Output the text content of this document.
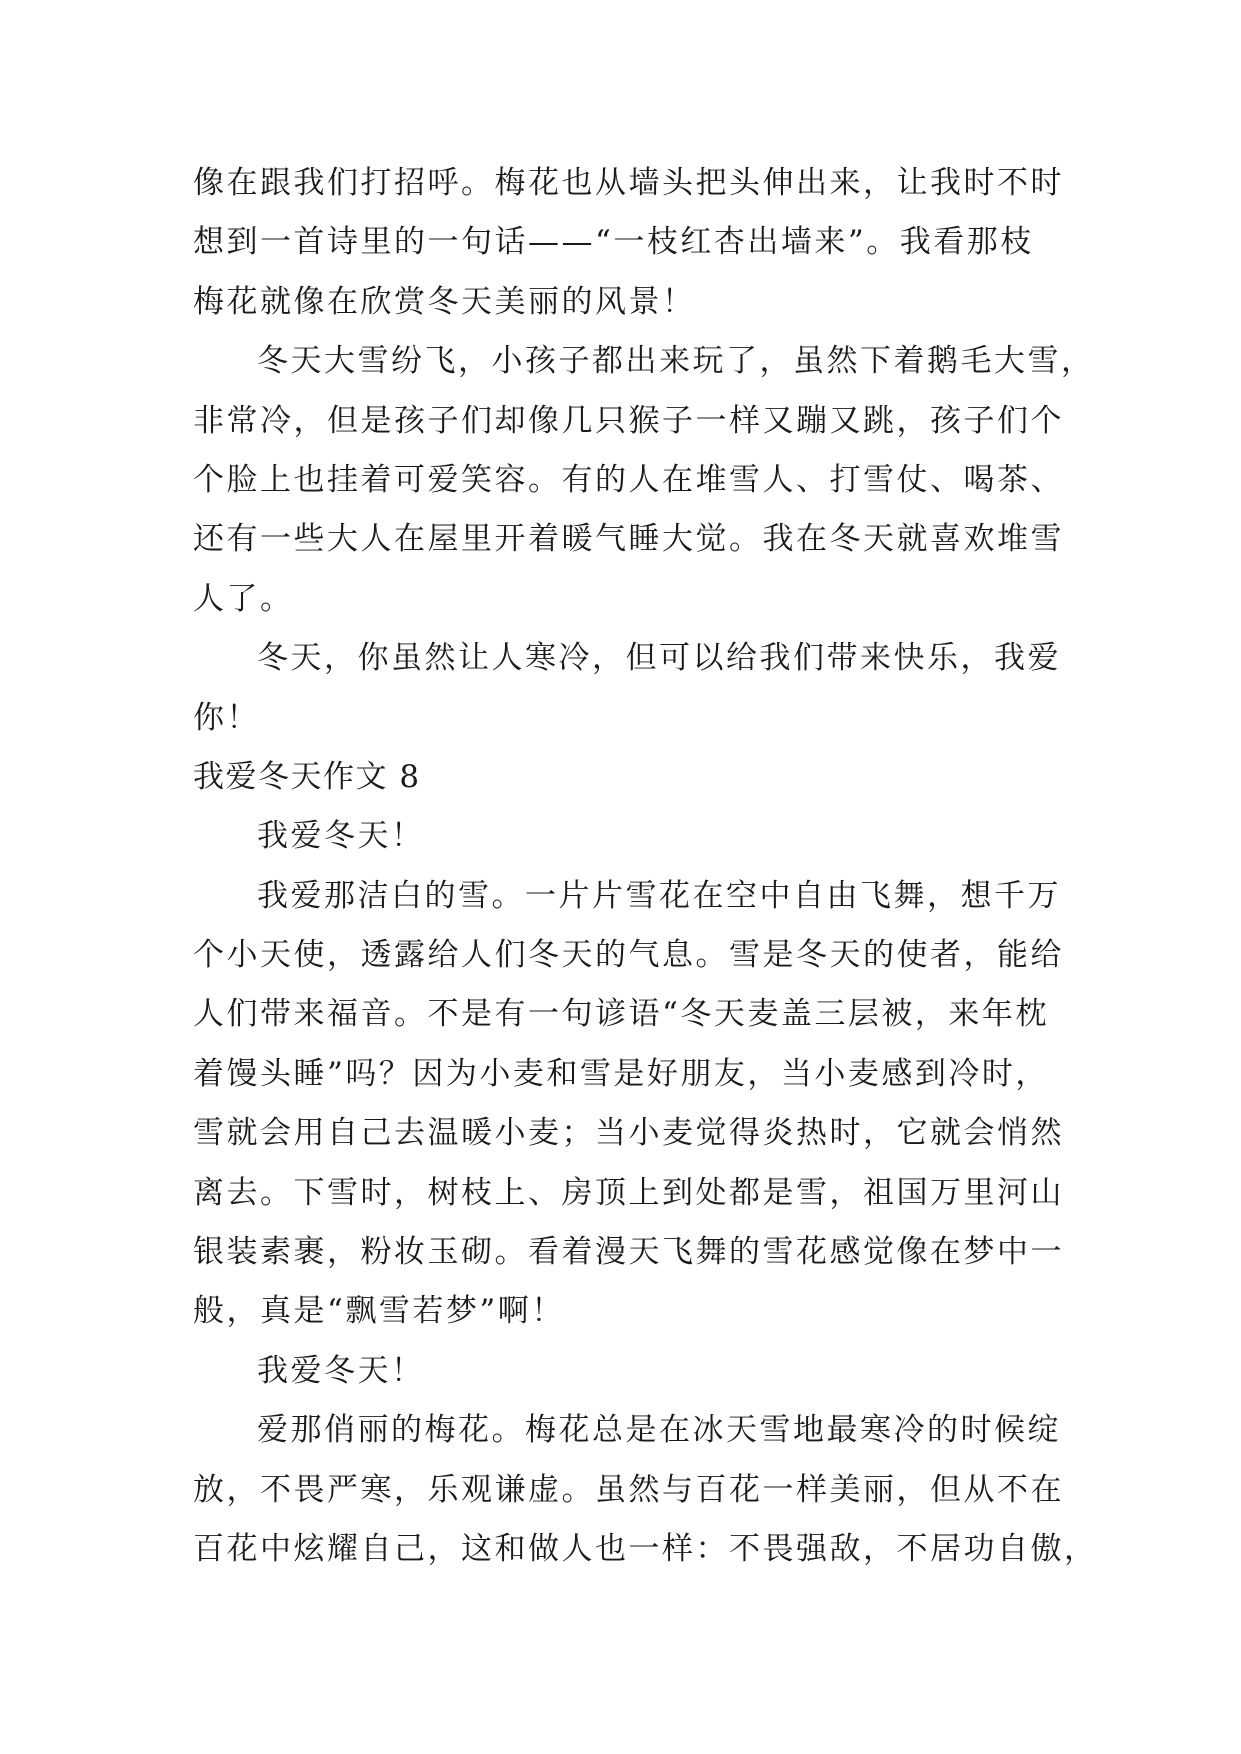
像在跟我们打招呼。梅花也从墙头把头伸出来，让我时不时
想到一首诗里的一句话——“一枝红杏出墙来”。我看那枝
梅花就像在欣赏冬天美丽的风景！
冬天大雪纷飞，小孩子都出来玩了，虽然下着鹅毛大雪，
非常冷，但是孩子们却像几只猴子一样又蹦又跳，孩子们个
个脸上也挂着可爱笑容。有的人在堆雪人、打雪仗、喝茶、
还有一些大人在屋里开着暖气睡大觉。我在冬天就喜欢堆雪
人了。
冬天，你虽然让人寒冷，但可以给我们带来快乐，我爱
你！
我爱冬天作文 8
我爱冬天！
我爱那洁白的雪。一片片雪花在空中自由飞舞，想千万
个小天使，透露给人们冬天的气息。雪是冬天的使者，能给
人们带来福音。不是有一句谚语“冬天麦盖三层被，来年枕
着馒头睡”吗？因为小麦和雪是好朋友，当小麦感到冷时，
雪就会用自己去温暖小麦；当小麦觉得炎热时，它就会悄然
离去。下雪时，树枝上、房顶上到处都是雪，祖国万里河山
银装素裹，粉妆玉砌。看着漫天飞舞的雪花感觉像在梦中一
般，真是“飘雪若梦”啊！
我爱冬天！
爱那俏丽的梅花。梅花总是在冰天雪地最寒冷的时候绽
放，不畏严寒，乐观谦虚。虽然与百花一样美丽，但从不在
百花中炫耀自己，这和做人也一样：不畏强敌，不居功自傲，
